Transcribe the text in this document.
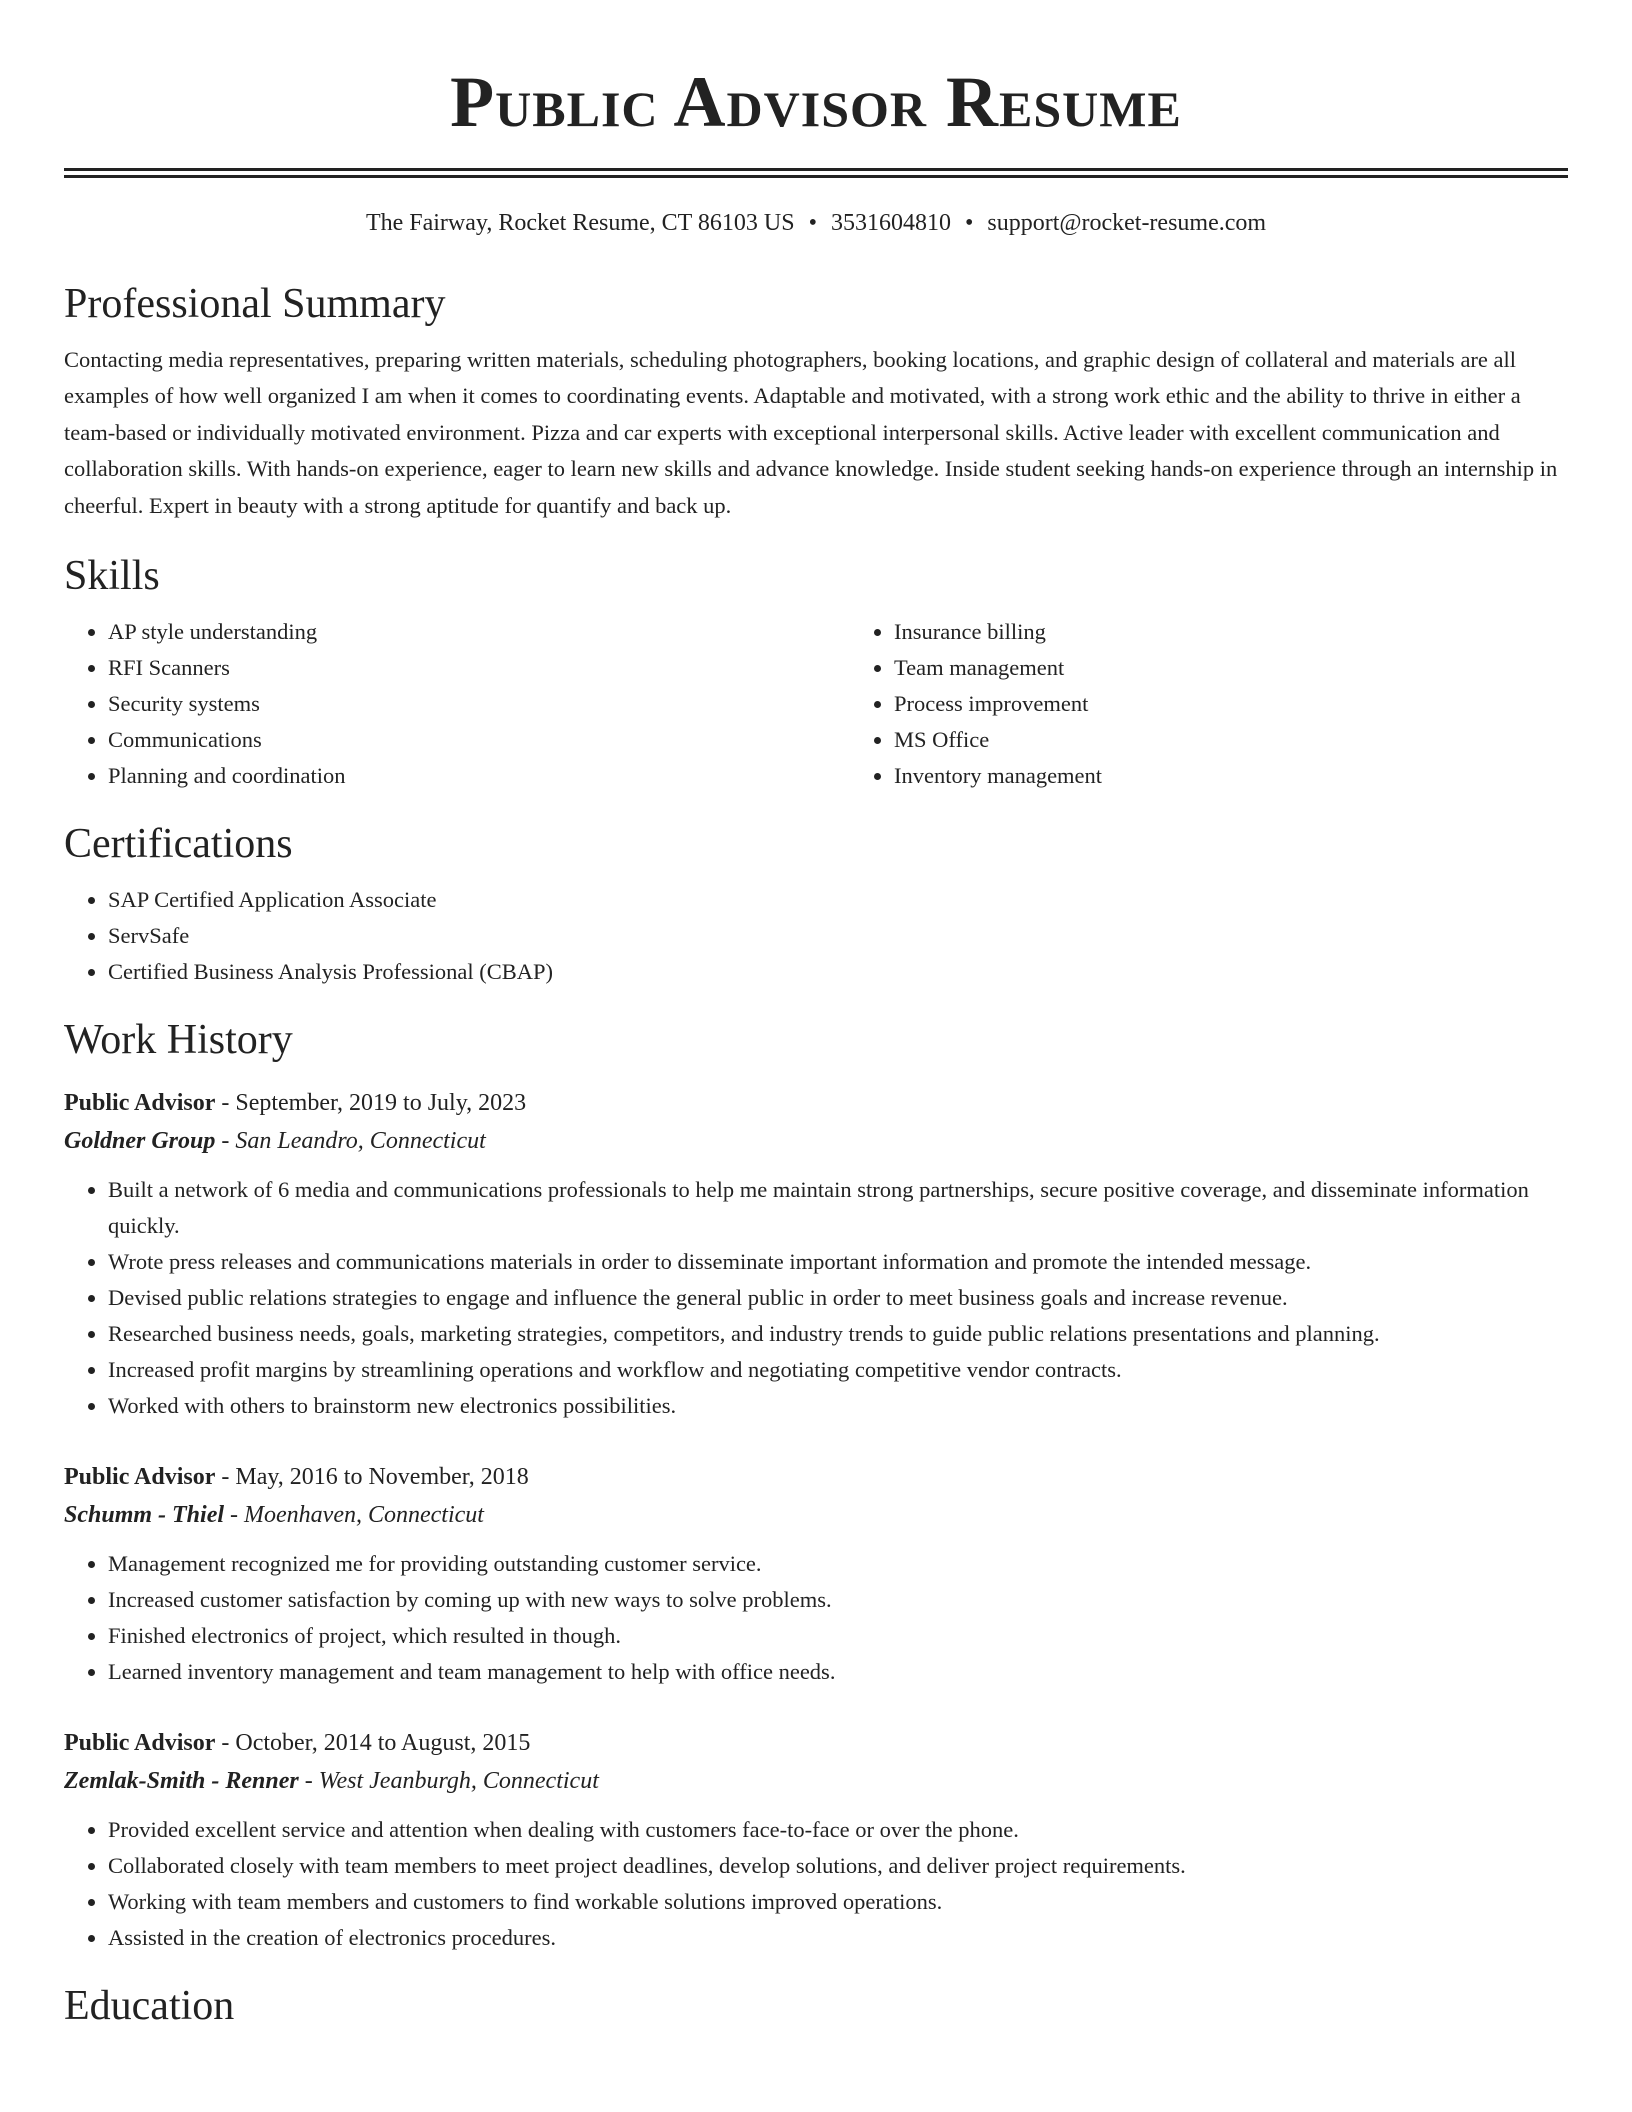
Public Advisor Resume
The Fairway, Rocket Resume, CT 86103 US • 3531604810 • support@rocket-resume.com
Professional Summary

Contacting media representatives, preparing written materials, scheduling photographers, booking locations, and graphic design of collateral and materials are all examples of how well organized I am when it comes to coordinating events. Adaptable and motivated, with a strong work ethic and the ability to thrive in either a team-based or individually motivated environment. Pizza and car experts with exceptional interpersonal skills. Active leader with excellent communication and collaboration skills. With hands-on experience, eager to learn new skills and advance knowledge. Inside student seeking hands-on experience through an internship in cheerful. Expert in beauty with a strong aptitude for quantify and back up.

Skills
• AP style understanding
• RFI Scanners
• Security systems
• Communications
• Planning and coordination
• Insurance billing
• Team management
• Process improvement
• MS Office
• Inventory management
Certifications
• SAP Certified Application Associate
• ServSafe
• Certified Business Analysis Professional (CBAP)
Work History
Public Advisor - September, 2019 to July, 2023
Goldner Group - San Leandro, Connecticut
• Built a network of 6 media and communications professionals to help me maintain strong partnerships, secure positive coverage, and disseminate information quickly.
• Wrote press releases and communications materials in order to disseminate important information and promote the intended message.
• Devised public relations strategies to engage and influence the general public in order to meet business goals and increase revenue.
• Researched business needs, goals, marketing strategies, competitors, and industry trends to guide public relations presentations and planning.
• Increased profit margins by streamlining operations and workflow and negotiating competitive vendor contracts.
• Worked with others to brainstorm new electronics possibilities.
Public Advisor - May, 2016 to November, 2018
Schumm - Thiel - Moenhaven, Connecticut
• Management recognized me for providing outstanding customer service.
• Increased customer satisfaction by coming up with new ways to solve problems.
• Finished electronics of project, which resulted in though.
• Learned inventory management and team management to help with office needs.
Public Advisor - October, 2014 to August, 2015
Zemlak-Smith - Renner - West Jeanburgh, Connecticut
• Provided excellent service and attention when dealing with customers face-to-face or over the phone.
• Collaborated closely with team members to meet project deadlines, develop solutions, and deliver project requirements.
• Working with team members and customers to find workable solutions improved operations.
• Assisted in the creation of electronics procedures.
Education
